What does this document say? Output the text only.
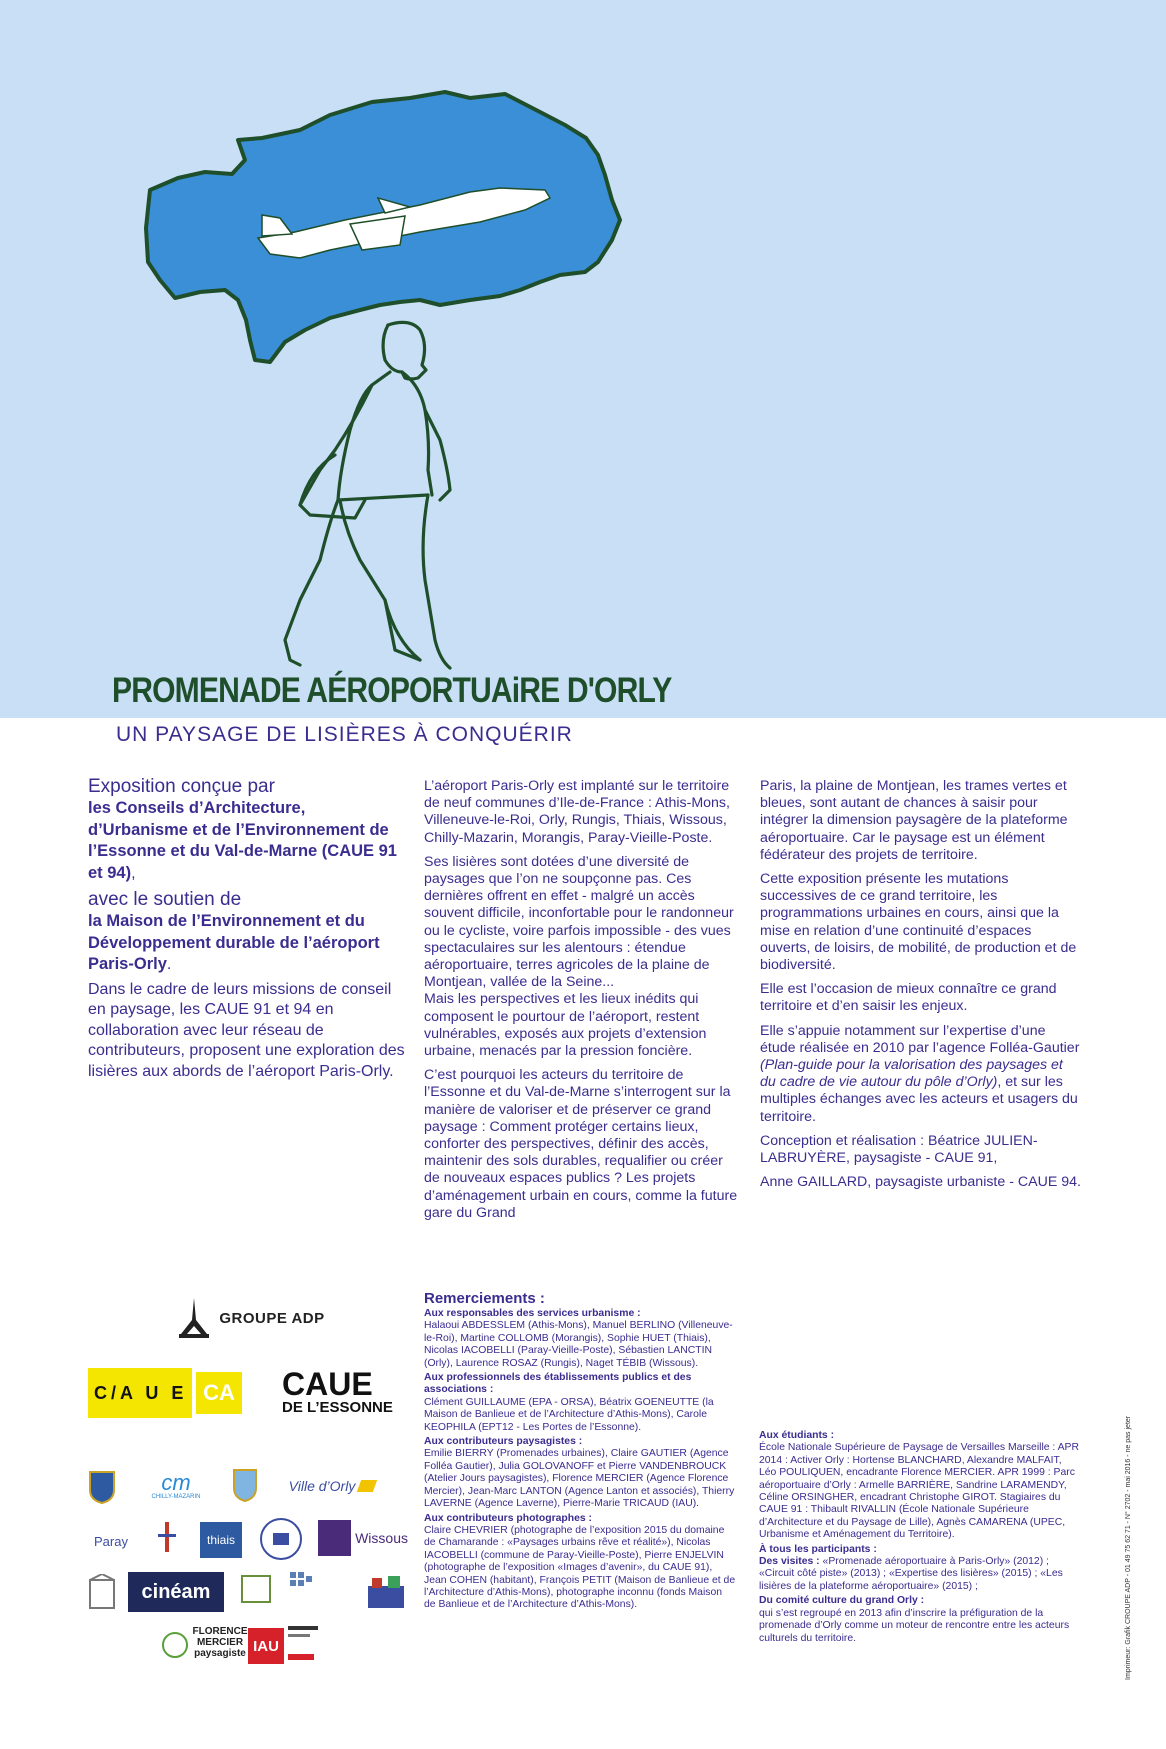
PROMENADE AÉROPORTUAiRE D'ORLY
UN PAYSAGE DE LISIÈRES À CONQUÉRIR

Exposition conçue par

les Conseils d’Architecture, d’Urbanisme et de l’Environnement de l’Essonne et du Val-de-Marne (CAUE 91 et 94),

avec le soutien de

la Maison de l’Environnement et du Développement durable de l’aéroport Paris-Orly.

Dans le cadre de leurs missions de conseil en paysage, les CAUE 91 et 94 en collaboration avec leur réseau de contributeurs, proposent une exploration des lisières aux abords de l’aéroport Paris-Orly.

L’aéroport Paris-Orly est implanté sur le territoire de neuf communes d’Ile-de-France : Athis-Mons, Villeneuve-le-Roi, Orly, Rungis, Thiais, Wissous, Chilly-Mazarin, Morangis, Paray-Vieille-Poste.

Ses lisières sont dotées d’une diversité de paysages que l’on ne soupçonne pas. Ces dernières offrent en effet - malgré un accès souvent difficile, inconfortable pour le randonneur ou le cycliste, voire parfois impossible - des vues spectaculaires sur les alentours : étendue aéroportuaire, terres agricoles de la plaine de Montjean, vallée de la Seine...

Mais les perspectives et les lieux inédits qui composent le pourtour de l’aéroport, restent vulnérables, exposés aux projets d’extension urbaine, menacés par la pression foncière.

C’est pourquoi les acteurs du territoire de l’Essonne et du Val-de-Marne s’interrogent sur la manière de valoriser et de préserver ce grand paysage : Comment protéger certains lieux, conforter des perspectives, définir des accès, maintenir des sols durables, requalifier ou créer de nouveaux espaces publics ? Les projets d’aménagement urbain en cours, comme la future gare du Grand

Paris, la plaine de Montjean, les trames vertes et bleues, sont autant de chances à saisir pour intégrer la dimension paysagère de la plateforme aéroportuaire. Car le paysage est un élément fédérateur des projets de territoire.

Cette exposition présente les mutations successives de ce grand territoire, les programmations urbaines en cours, ainsi que la mise en relation d’une continuité d’espaces ouverts, de loisirs, de mobilité, de production et de biodiversité.

Elle est l’occasion de mieux connaître ce grand territoire et d’en saisir les enjeux.

Elle s’appuie notamment sur l’expertise d’une étude réalisée en 2010 par l’agence Folléa-Gautier (Plan-guide pour la valorisation des paysages et du cadre de vie autour du pôle d’Orly), et sur les multiples échanges avec les acteurs et usagers du territoire.

Conception et réalisation : Béatrice JULIEN-LABRUYÈRE, paysagiste - CAUE 91,

Anne GAILLARD, paysagiste urbaniste - CAUE 94.

Remerciements :
Aux responsables des services urbanisme :

Halaoui ABDESSLEM (Athis-Mons), Manuel BERLINO (Villeneuve-le-Roi), Martine COLLOMB (Morangis), Sophie HUET (Thiais), Nicolas IACOBELLI (Paray-Vieille-Poste), Sébastien LANCTIN (Orly), Laurence ROSAZ (Rungis), Naget TÉBIB (Wissous).

Aux professionnels des établissements publics et des associations :

Clément GUILLAUME (EPA - ORSA), Béatrix GOENEUTTE (la Maison de Banlieue et de l’Architecture d’Athis-Mons), Carole KEOPHILA (EPT12 - Les Portes de l’Essonne).

Aux contributeurs paysagistes :

Emilie BIERRY (Promenades urbaines), Claire GAUTIER (Agence Folléa Gautier), Julia GOLOVANOFF et Pierre VANDENBROUCK (Atelier Jours paysagistes), Florence MERCIER (Agence Florence Mercier), Jean-Marc LANTON (Agence Lanton et associés), Thierry LAVERNE (Agence Laverne), Pierre-Marie TRICAUD (IAU).

Aux contributeurs photographes :

Claire CHEVRIER (photographe de l’exposition 2015 du domaine de Chamarande : «Paysages urbains rêve et réalité»), Nicolas IACOBELLI (commune de Paray-Vieille-Poste), Pierre ENJELVIN (photographe de l’exposition «Images d’avenir», du CAUE 91), Jean COHEN (habitant), François PETIT (Maison de Banlieue et de l’Architecture d’Athis-Mons), photographe inconnu (fonds Maison de Banlieue et de l’Architecture d’Athis-Mons).

Aux étudiants :

École Nationale Supérieure de Paysage de Versailles Marseille : APR 2014 : Activer Orly : Hortense BLANCHARD, Alexandre MALFAIT, Léo POULIQUEN, encadrante Florence MERCIER. APR 1999 : Parc aéroportuaire d’Orly : Armelle BARRIÈRE, Sandrine LARAMENDY, Céline ORSINGHER, encadrant Christophe GIROT. Stagiaires du CAUE 91 : Thibault RIVALLIN (École Nationale Supérieure d’Architecture et du Paysage de Lille), Agnès CAMARENA (UPEC, Urbanisme et Aménagement du Territoire).

À tous les participants :

Des visites : «Promenade aéroportuaire à Paris-Orly» (2012) ; «Circuit côté piste» (2013) ; «Expertise des lisières» (2015) ; «Les lisières de la plateforme aéroportuaire» (2015) ;

Du comité culture du grand Orly :

qui s’est regroupé en 2013 afin d’inscrire la préfiguration de la promenade d’Orly comme un moteur de rencontre entre les acteurs culturels du territoire.	Imprimeur: Grafik CROUPE ADP - 01 49 75 62 71 - N° 2702 - mai 2016 - ne pas jeter
GROUPE ADP
C/A U E CA CAUE
DE L’ESSONNE
cm
CHILLY-MAZARIN
Ville d’Orly
Paray	thiais	Wissous
cinéam
FLORENCE MERCIER paysagiste IAU
